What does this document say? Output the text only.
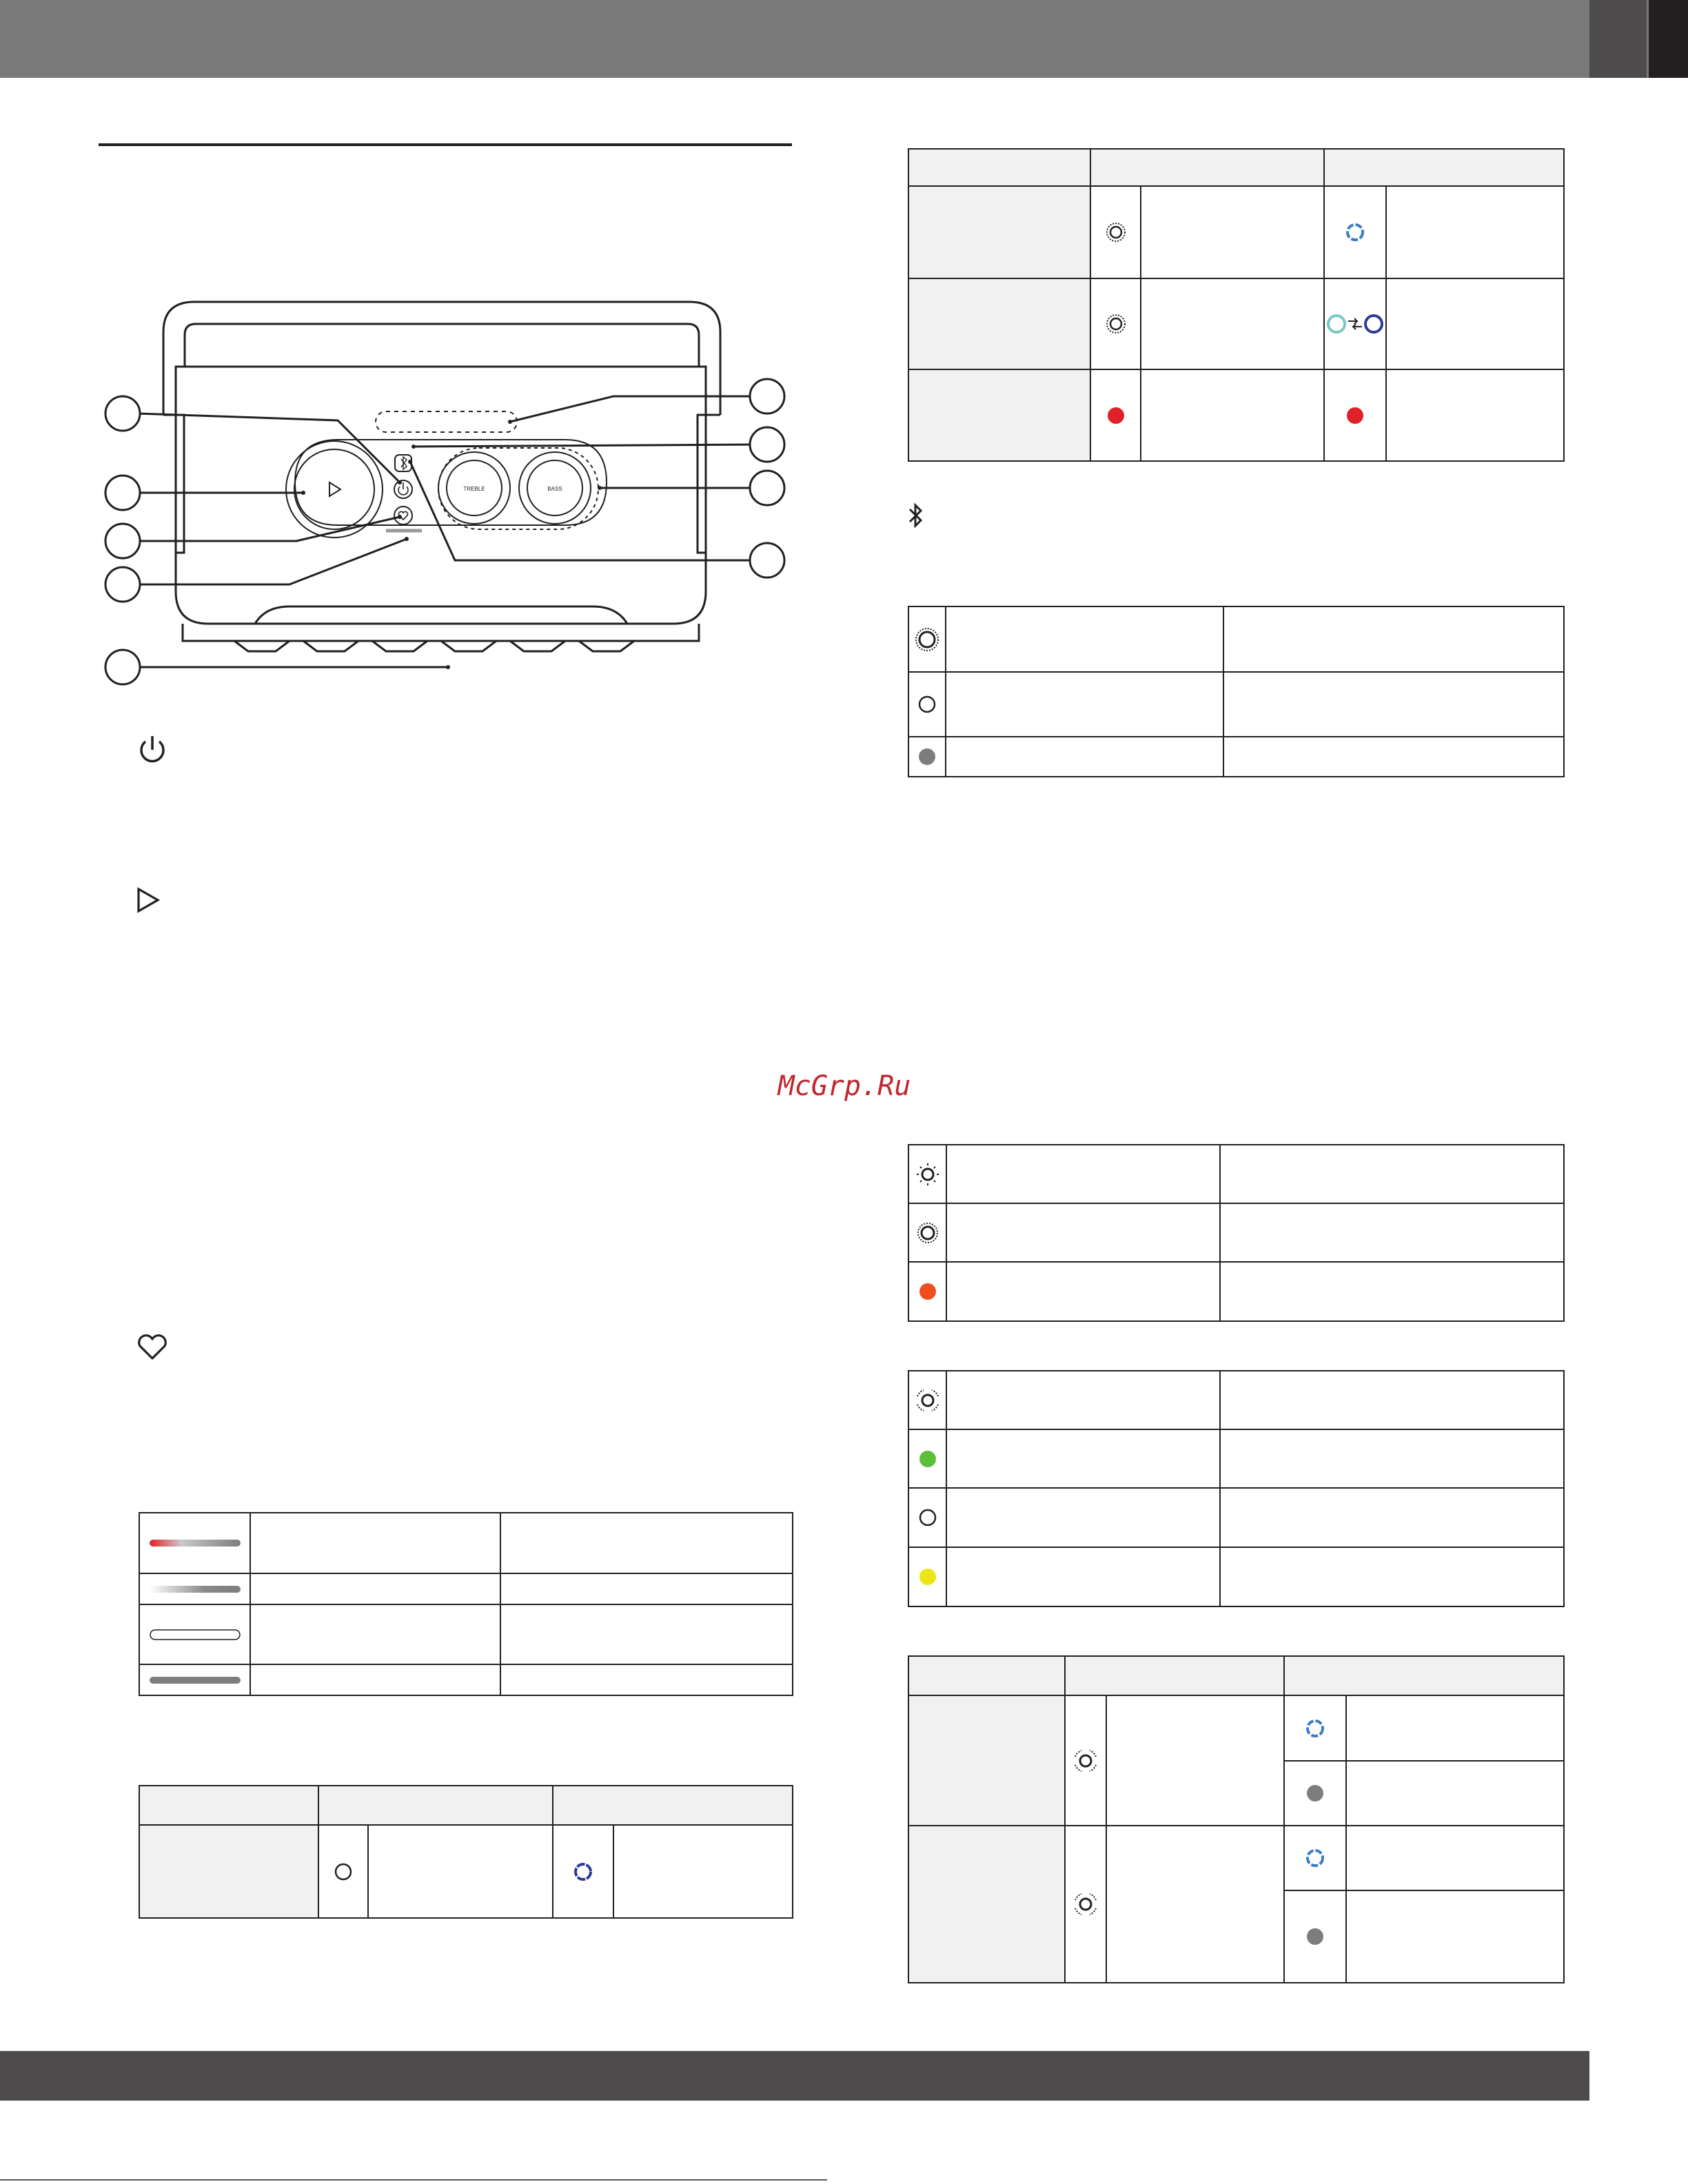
TREBLE	BASS

McGrp.Ru
